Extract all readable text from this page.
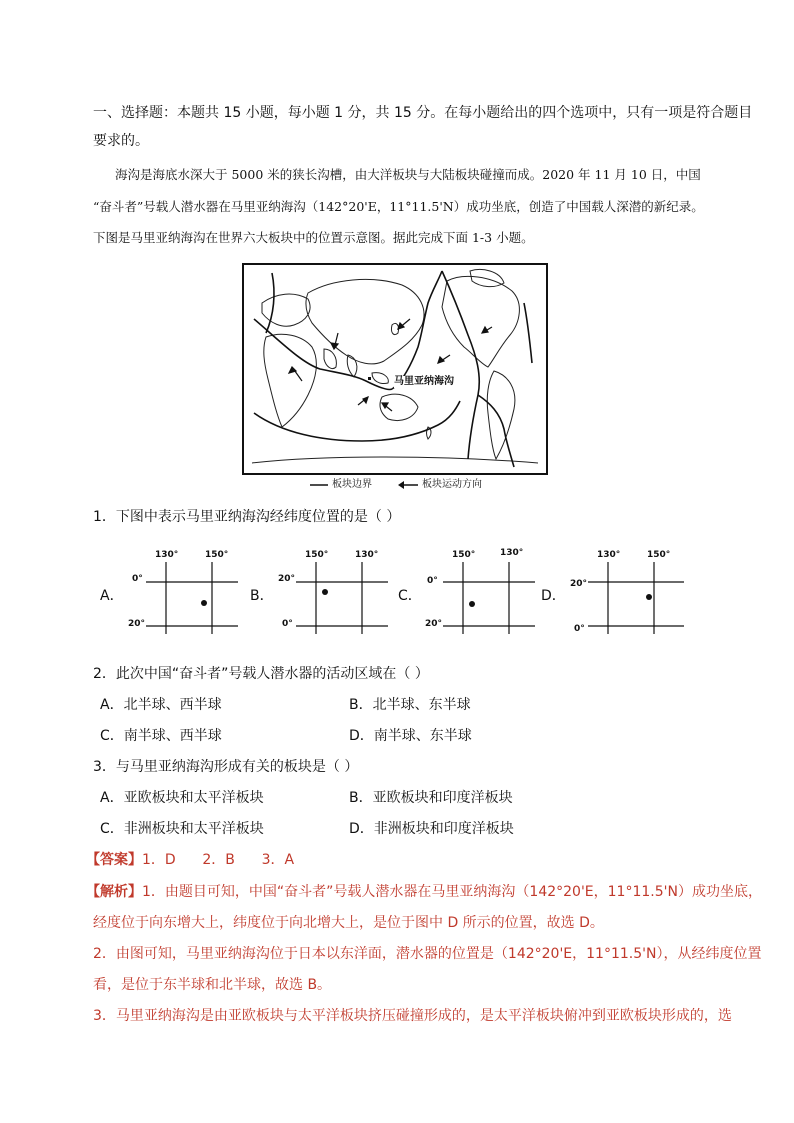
一、选择题：本题共 15 小题，每小题 1 分，共 15 分。在每小题给出的四个选项中，只有一项是符合题目
要求的。
海沟是海底水深大于 5000 米的狭长沟槽，由大洋板块与大陆板块碰撞而成。2020 年 11 月 10 日，中国
“奋斗者”号载人潜水器在马里亚纳海沟（142°20'E，11°11.5'N）成功坐底，创造了中国载人深潜的新纪录。
下图是马里亚纳海沟在世界六大板块中的位置示意图。据此完成下面 1-3 小题。
马里亚纳海沟
板块边界	板块运动方向
1．下图中表示马里亚纳海沟经纬度位置的是（ ）
A．
130°	150°
0°
20°
B．
150°	130°
20°
0°
C．
150°	130°
0°
20°
D．
130°	150°
20°
0°
2．此次中国“奋斗者”号载人潜水器的活动区域在（ ）
A．北半球、西半球	B．北半球、东半球
C．南半球、西半球	D．南半球、东半球
3．与马里亚纳海沟形成有关的板块是（ ）
A．亚欧板块和太平洋板块	B．亚欧板块和印度洋板块
C．非洲板块和太平洋板块	D．非洲板块和印度洋板块
【答案】1．D      2．B      3．A
【解析】1．由题目可知，中国“奋斗者”号载人潜水器在马里亚纳海沟（142°20'E，11°11.5'N）成功坐底，
经度位于向东增大上，纬度位于向北增大上，是位于图中 D 所示的位置，故选 D。
2．由图可知，马里亚纳海沟位于日本以东洋面，潜水器的位置是（142°20'E，11°11.5'N），从经纬度位置
看，是位于东半球和北半球，故选 B。
3．马里亚纳海沟是由亚欧板块与太平洋板块挤压碰撞形成的，是太平洋板块俯冲到亚欧板块形成的，选
